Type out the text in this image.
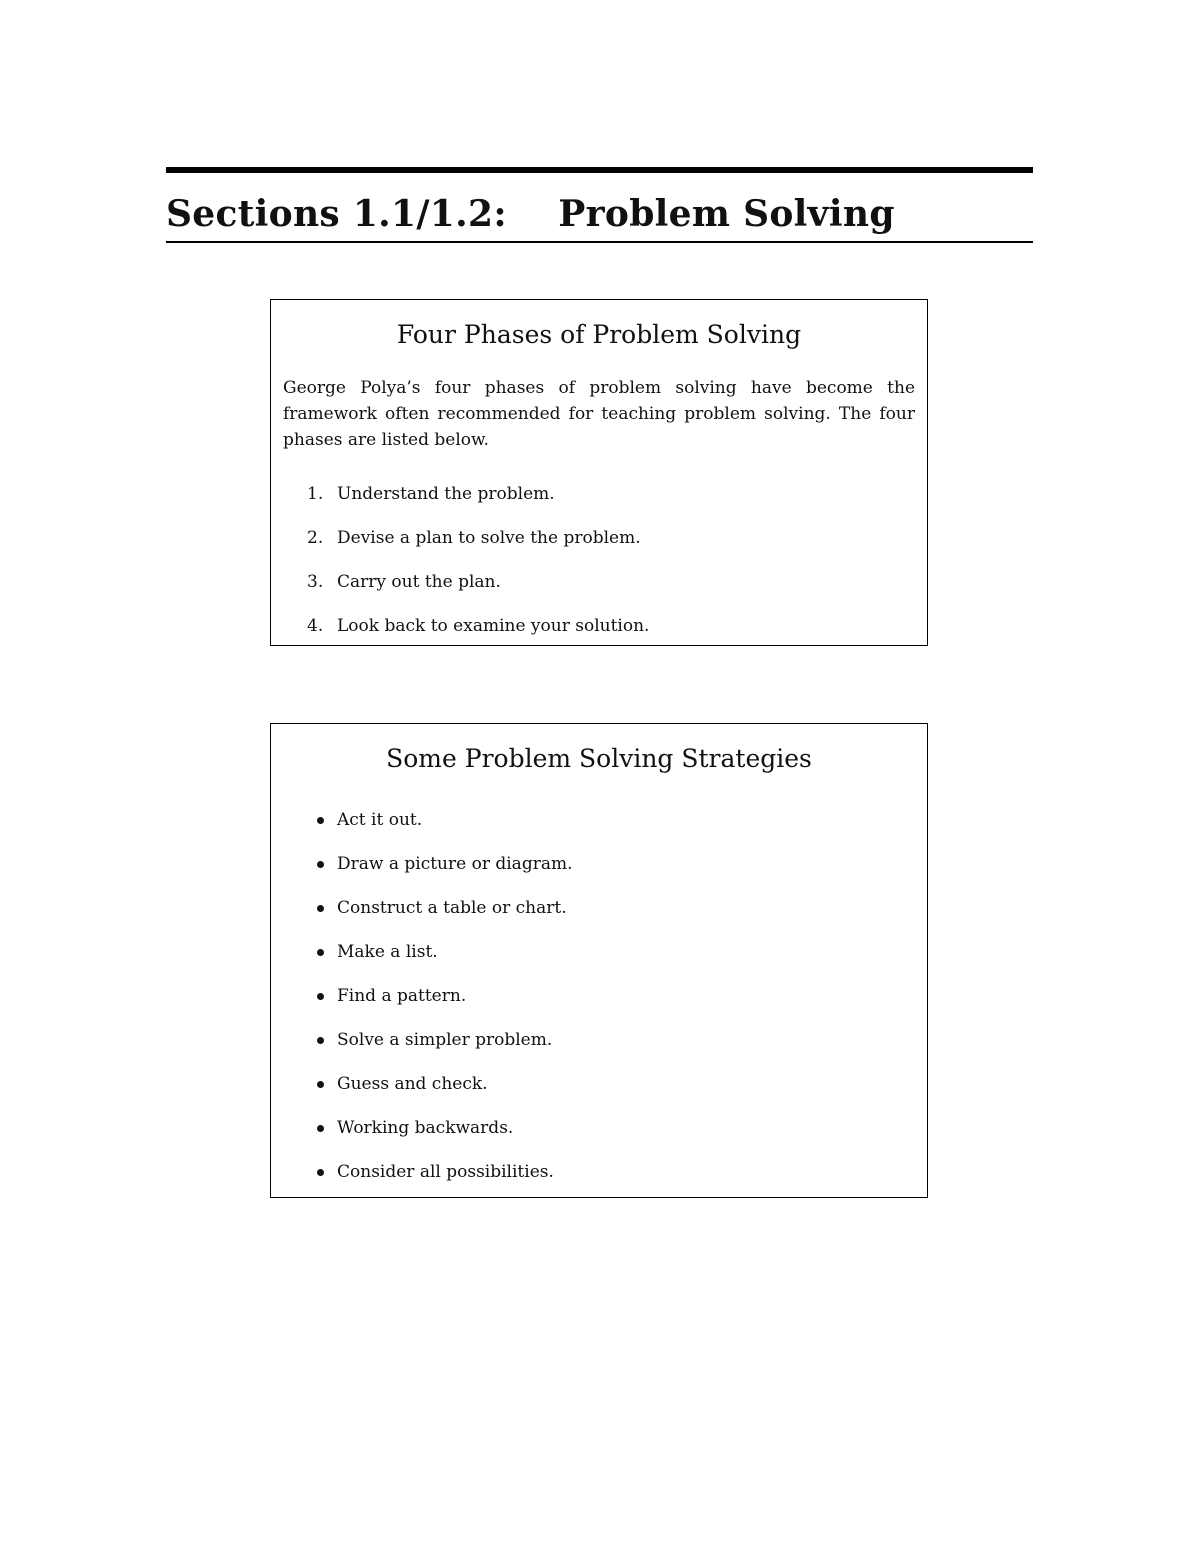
Sections 1.1/1.2:    Problem Solving
Four Phases of Problem Solving

George Polya’s four phases of problem solving have become the framework often recommended for teaching problem solving. The four phases are listed below.

1. Understand the problem.
2. Devise a plan to solve the problem.
3. Carry out the plan.
4. Look back to examine your solution.
Some Problem Solving Strategies
Act it out.
Draw a picture or diagram.
Construct a table or chart.
Make a list.
Find a pattern.
Solve a simpler problem.
Guess and check.
Working backwards.
Consider all possibilities.
